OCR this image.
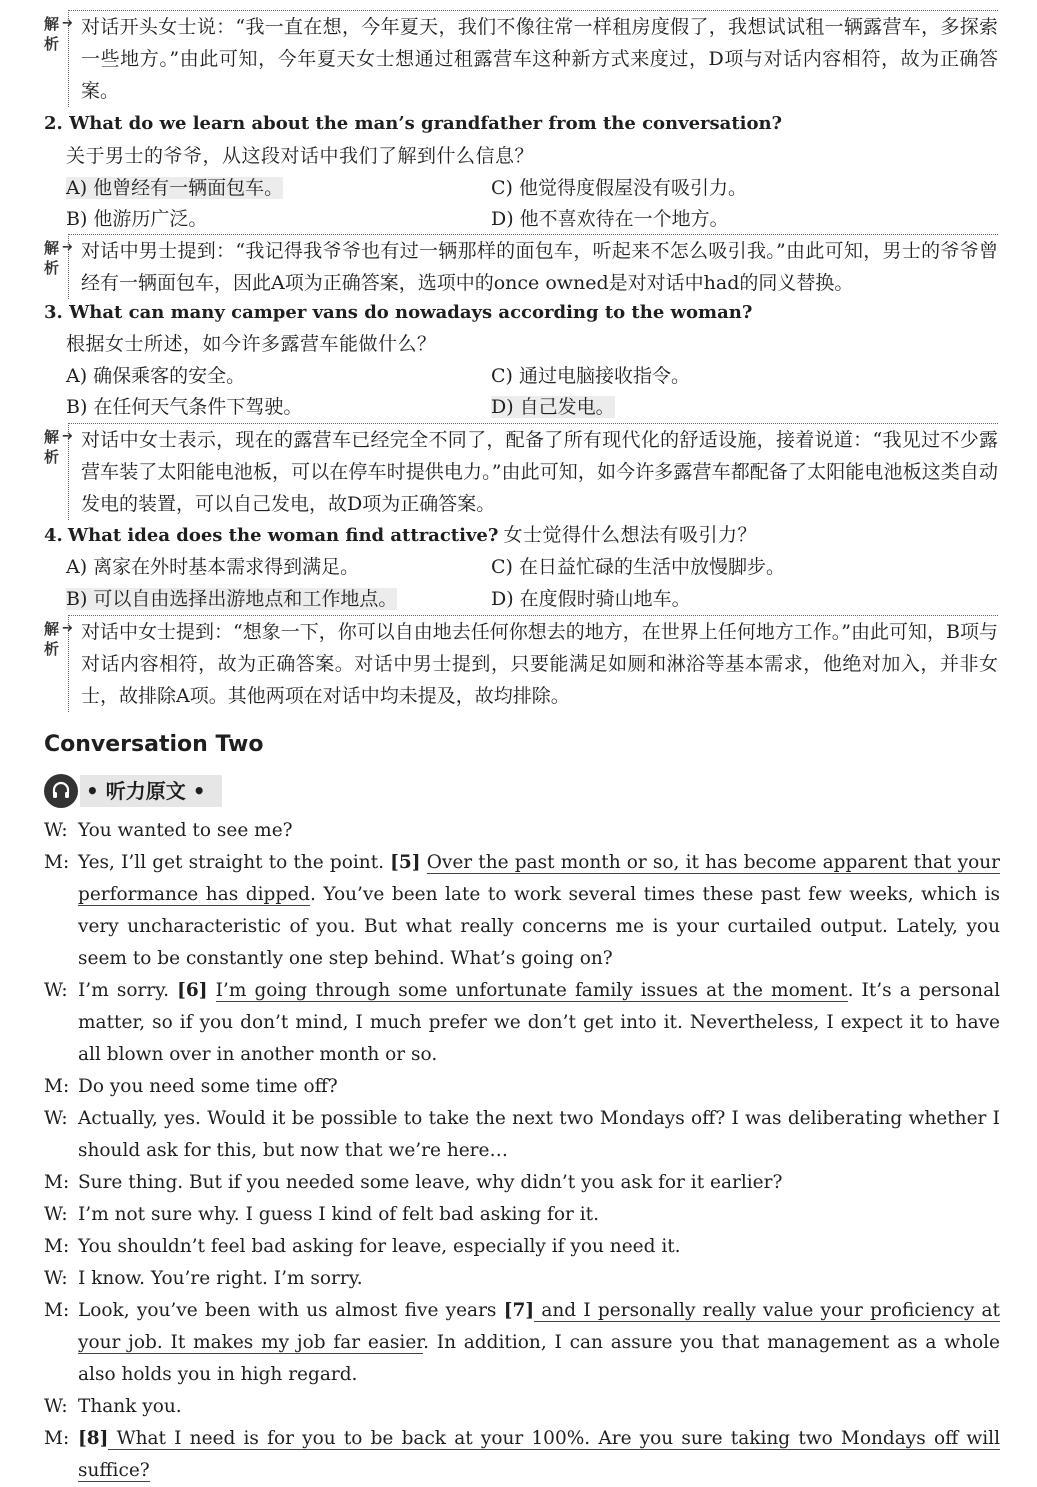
解析
➔ 对话开头女士说：“我一直在想，今年夏天，我们不像往常一样租房度假了，我想试试租一辆露营车，多探索一些地方。”由此可知，今年夏天女士想通过租露营车这种新方式来度过，D项与对话内容相符，故为正确答案。
2. What do we learn about the man’s grandfather from the conversation?
关于男士的爷爷，从这段对话中我们了解到什么信息？
A) 他曾经有一辆面包车。	C) 他觉得度假屋没有吸引力。
B) 他游历广泛。	D) 他不喜欢待在一个地方。
解析
➔ 对话中男士提到：“我记得我爷爷也有过一辆那样的面包车，听起来不怎么吸引我。”由此可知，男士的爷爷曾经有一辆面包车，因此A项为正确答案，选项中的once owned是对对话中had的同义替换。
3. What can many camper vans do nowadays according to the woman?
根据女士所述，如今许多露营车能做什么？
A) 确保乘客的安全。	C) 通过电脑接收指令。
B) 在任何天气条件下驾驶。	D) 自己发电。
解析
➔ 对话中女士表示，现在的露营车已经完全不同了，配备了所有现代化的舒适设施，接着说道：“我见过不少露营车装了太阳能电池板，可以在停车时提供电力。”由此可知，如今许多露营车都配备了太阳能电池板这类自动发电的装置，可以自己发电，故D项为正确答案。
4. What idea does the woman find attractive? 女士觉得什么想法有吸引力？
A) 离家在外时基本需求得到满足。	C) 在日益忙碌的生活中放慢脚步。
B) 可以自由选择出游地点和工作地点。	D) 在度假时骑山地车。
解析
➔ 对话中女士提到：“想象一下，你可以自由地去任何你想去的地方，在世界上任何地方工作。”由此可知，B项与对话内容相符，故为正确答案。对话中男士提到，只要能满足如厕和淋浴等基本需求，他绝对加入，并非女士，故排除A项。其他两项在对话中均未提及，故均排除。
Conversation Two
• 听力原文 •
W: You wanted to see me?
M: Yes, I’ll get straight to the point. [5] Over the past month or so, it has become apparent that your performance has dipped. You’ve been late to work several times these past few weeks, which is very uncharacteristic of you. But what really concerns me is your curtailed output. Lately, you seem to be constantly one step behind. What’s going on?
W: I’m sorry. [6] I’m going through some unfortunate family issues at the moment. It’s a personal matter, so if you don’t mind, I much prefer we don’t get into it. Nevertheless, I expect it to have all blown over in another month or so.
M: Do you need some time off?
W: Actually, yes. Would it be possible to take the next two Mondays off? I was deliberating whether I should ask for this, but now that we’re here…
M: Sure thing. But if you needed some leave, why didn’t you ask for it earlier?
W: I’m not sure why. I guess I kind of felt bad asking for it.
M: You shouldn’t feel bad asking for leave, especially if you need it.
W: I know. You’re right. I’m sorry.
M: Look, you’ve been with us almost five years [7] and I personally really value your proficiency at your job. It makes my job far easier. In addition, I can assure you that management as a whole also holds you in high regard.
W: Thank you.
M: [8] What I need is for you to be back at your 100%. Are you sure taking two Mondays off will suffice?
